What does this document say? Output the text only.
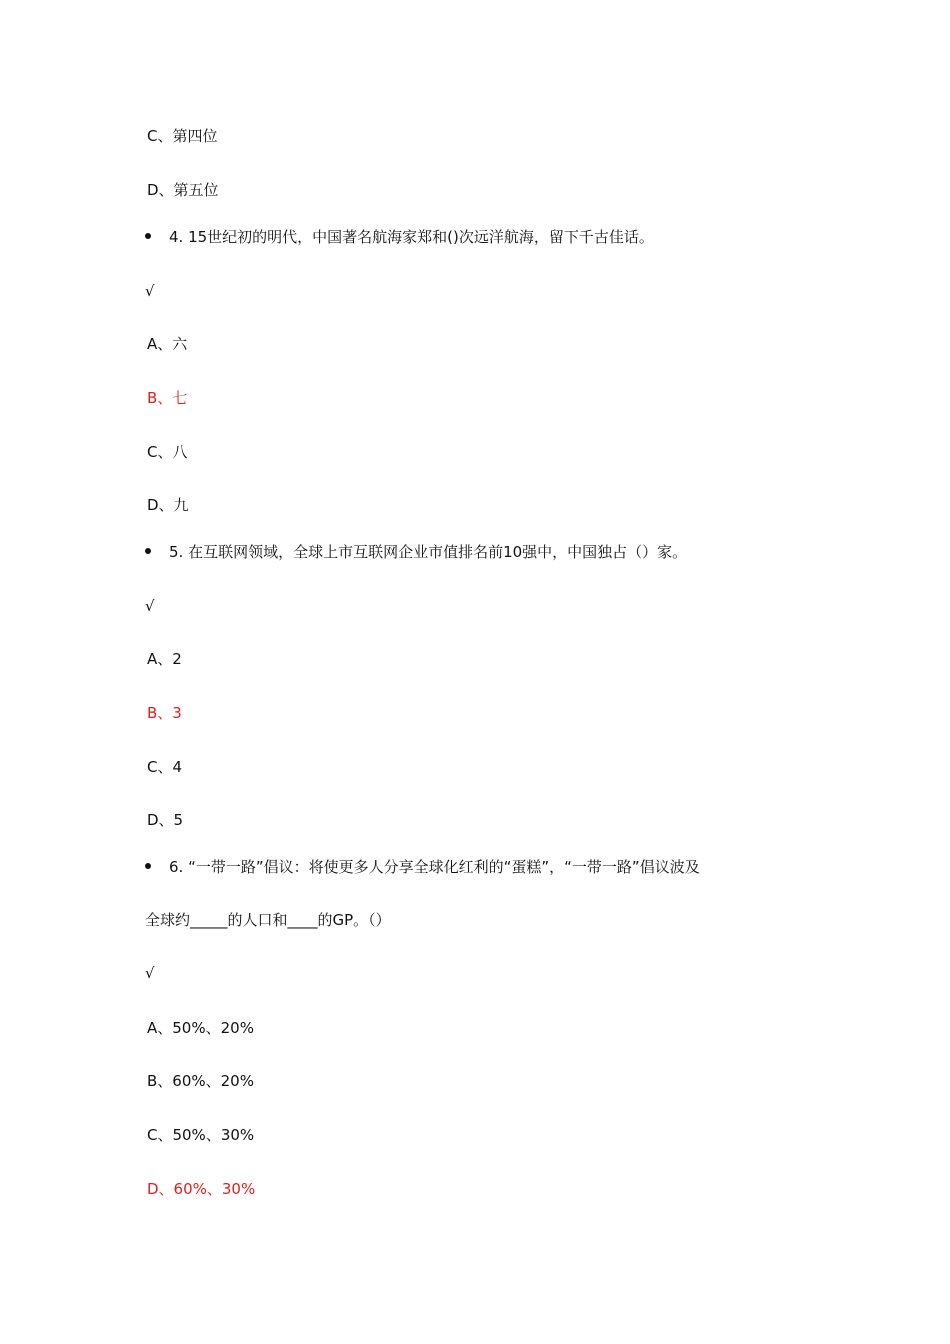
C、第四位
D、第五位
4. 15世纪初的明代，中国著名航海家郑和()次远洋航海，留下千古佳话。
√
A、六
B、七
C、八
D、九
5. 在互联网领域，全球上市互联网企业市值排名前10强中，中国独占（）家。
√
A、2
B、3
C、4
D、5
6. “一带一路”倡议：将使更多人分享全球化红利的“蛋糕”，“一带一路”倡议波及
全球约_____的人口和____的GP。（）
√
A、50%、20%
B、60%、20%
C、50%、30%
D、60%、30%
